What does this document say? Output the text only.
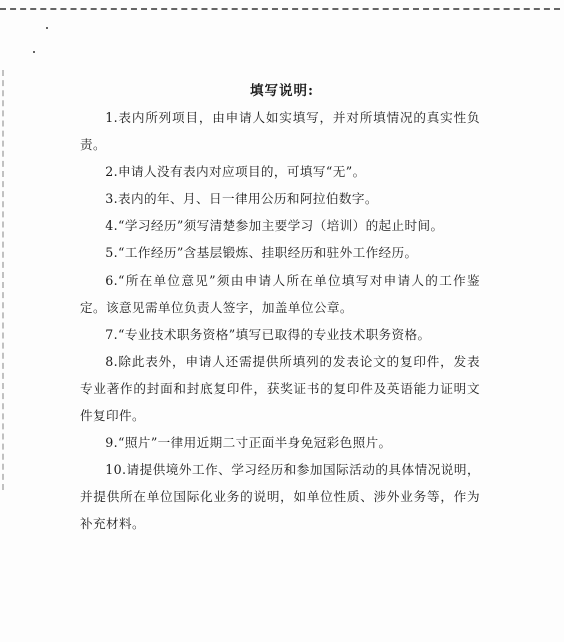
填写说明:

1.表内所列项目，由申请人如实填写，并对所填情况的真实性负责。

2.申请人没有表内对应项目的，可填写“无”。

3.表内的年、月、日一律用公历和阿拉伯数字。

4.“学习经历”须写清楚参加主要学习（培训）的起止时间。

5.“工作经历”含基层锻炼、挂职经历和驻外工作经历。

6.“所在单位意见”须由申请人所在单位填写对申请人的工作鉴定。该意见需单位负责人签字，加盖单位公章。

7.“专业技术职务资格”填写已取得的专业技术职务资格。

8.除此表外，申请人还需提供所填列的发表论文的复印件，发表专业著作的封面和封底复印件，获奖证书的复印件及英语能力证明文件复印件。

9.“照片”一律用近期二寸正面半身免冠彩色照片。

10.请提供境外工作、学习经历和参加国际活动的具体情况说明，并提供所在单位国际化业务的说明，如单位性质、涉外业务等，作为补充材料。
